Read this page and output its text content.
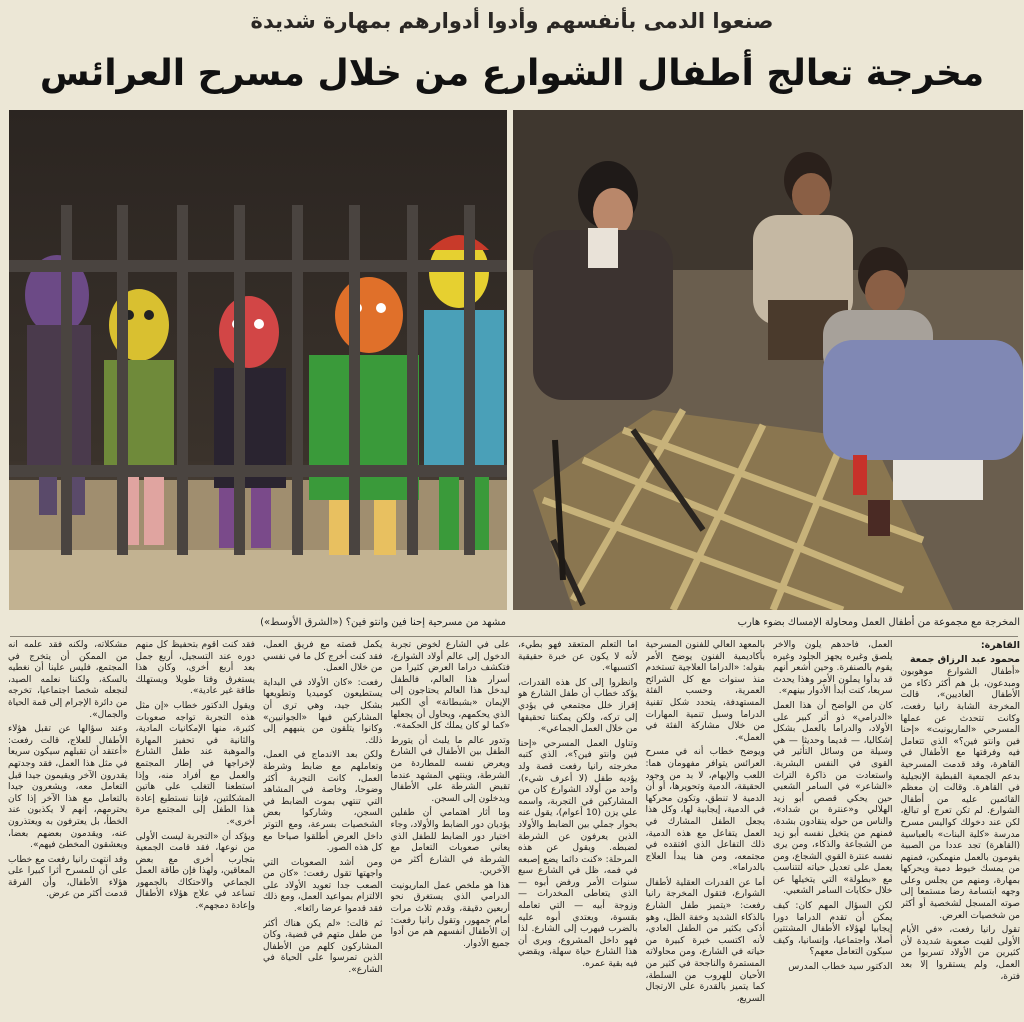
صنعوا الدمى بأنفسهم وأدوا أدوارهم بمهارة شديدة
مخرجة تعالج أطفال الشوارع من خلال مسرح العرائس
مشهد من مسرحية إحنا فين وانتو فين؟ («الشرق الأوسط»)	المخرجة مع مجموعة من أطفال العمل ومحاولة الإمساك بضوء هارب
القاهرة:
محمود عبد الرزاق جمعة

«أطفال الشوارع موهوبون ومبدعون، بل هم أكثر ذكاء من الأطفال العاديين»، قالت المخرجة الشابة رانيا رفعت، وكانت تتحدث عن عملها المسرحي «الماريونيت» «إحنا فين وانتو فين؟» الذي تتعامل فيه وفرقتها مع الأطفال في القاهرة، وقد قدمت المسرحية بدعم الجمعية القبطية الإنجيلية في القاهرة. وقالت إن معظم القائمين عليه من أطفال الشوارع. لم تكن تعرج أو تبالغ، لكن عند دخولك كواليس مسرح مدرسة «كلية البنات» بالعباسية (القاهرة) تجد عددا من الصبية يقومون بالعمل منهمكين، فمنهم من يمسك خيوط دمية ويحركها بمهارة، ومنهم من يجلس وعلى وجهه ابتسامة رضا مستمعا إلى صوته المسجل لشخصية أو أكثر من شخصيات العرض.

تقول رانيا رفعت، «في الأيام الأولى لقيت صعوبة شديدة لأن كثيرين من الأولاد تسربوا من العمل، ولم يستقروا إلا بعد فترة،

العمل، فأحدهم يلون والآخر يلصق وغيره يجهز الجلود وغيره يقوم بالصنفرة. وحين أشعر أنهم قد بدأوا يملون الأمر وهذا يحدث سريعا، كنت أبدأ الأدوار بينهم».

كان من الواضح أن هذا العمل «الدرامي» ذو أثر كبير على الأولاد، والدراما بالعمل بشكل إشكاليا، — قديما وحديثا — هي وسيلة من وسائل التأثير في القوى في النفس البشرية. واستعادت من ذاكرة التراث «الشاعر» في السامر الشعبي حين يحكي قصص أبو زيد الهلالي و«عنترة بن شداد»، والناس من حوله ينقادون بشدة، فمنهم من يتخيل نفسه أبو زيد من الشجاعة والذكاء، ومن يرى نفسه عنترة القوي الشجاع، ومن يعمل على تعديل حياته لتتناسب مع «بطولة» التي يتخيلها عن خلال حكايات السامر الشعبي.

لكن السؤال المهم كان: كيف يمكن أن تقدم الدراما دورا إيجابيا لهؤلاء الأطفال المشتتين أصلا، واجتماعيا، وإنسانيا، وكيف سيكون التعامل معهم؟

الدكتور سيد خطاب المدرس

بالمعهد العالي للفنون المسرحية بأكاديمية الفنون يوضح الأمر بقوله: «الدراما العلاجية تستخدم منذ سنوات مع كل الشرائح العمرية، وحسب الفئة المستهدفة، يتحدد شكل تقنية الدراما وسبل تنمية المهارات من خلال مشاركة الفئة في العمل».

ويوضح خطاب أنه في مسرح العرائس يتوافر مفهومان هما: اللعب والإيهام، لا بد من وجود الحقيقة، الدمية وتحويرها، أو أن الدمية لا تنطق، وتكون محركها في الدمية، إيجابية لها، وكل هذا يجعل الطفل المشارك في العمل يتفاعل مع هذه الدمية، ذلك التفاعل الذي افتقده في مجتمعه، ومن هنا يبدأ العلاج بالدراما».

أما عن القدرات العقلية لأطفال الشوارع، فتقول المخرجة رانيا رفعت: «يتميز طفل الشارع بالذكاء الشديد وخفة الظل، وهو أذكى بكثير من الطفل العادي، لأنه اكتسب خبرة كبيرة من حياته في الشارع، ومن محاولاته المستمرة والناجحة في كثير من الأحيان للهروب من السلطة، كما يتميز بالقدرة على الارتجال السريع،

أما التعلم المتعقد فهو بطيء، لأنه لا يكون عن خبرة حقيقية اكتسبها».

وانظروا إلى كل هذه القدرات، يؤكد خطاب أن طفل الشارع هو إفراز خلل مجتمعي في يؤدي إلى تركه، ولكن يمكننا تحقيقها من خلال العمل الجماعي».

وتناول العمل المسرحي «إحنا فين وانتو فين؟»، الذي كتبه مخرجته رانيا رفعت قصة ولد يؤديه طفل (لا أعرف شيء)، واحد من أولاد الشوارع كان من المشاركين في التجربة، واسمه علي يزن (10 أعوام)، يقول عنه بحوار جملي بين الضابط والأولاد الذين يعرفون عن الشرطة لضبطه. ويقول عن هذه المرحلة: «كنت دائما يضع إصبعه في فمه، ظل في الشارع سبع سنوات الأمر ورفض أبوه — الذي يتعاطى المخدرات — وزوجة أبيه — التي تعامله بقسوة، ويعتدي أبوه عليه بالضرب فيهرب إلى الشارع. لذا فهو داخل المشروع، ويرى أن هذا الشارع حياة سهلة، ويقضي فيه بقية عمره.

على في الشارع لخوض تجربة الدخول إلى عالم أولاد الشوارع، فتكشف دراما العرض كثيرا من أسرار هذا العالم، فالطفل ليدخل هذا العالم يحتاجون إلى الإيمان «بشبطانة» أي الكبير الذي يحكمهم، ويحاول أن يجعلها «كما لو كان يملك كل الحكمة».

وتدور عالم ما يلبث أن يتورط الطفل بين الأطفال في الشارع ويعرض نفسه للمطاردة من الشرطة، وينتهي المشهد عندما تقبض الشرطة على الأطفال ويدخلون إلى السجن.

وما أثار اهتمامي أن طفلين يؤديان دور الضابط والأولاد، وجاء اختيار دور الضابط للطفل الذي يعاني صعوبات التعامل مع الشرطة في الشارع أكثر من الآخرين.

هذا هو ملخص عمل الماريونيت الدرامي الذي يستغرق نحو أربعين دقيقة، وقدم ثلاث مرات أمام جمهور، وتقول رانيا رفعت: إن الأطفال أنفسهم هم من أدوا جميع الأدوار.

يكمل قصته مع فريق العمل، فقد كنت أخرج كل ما في نفسي من خلال العمل.

رفعت: «كان الأولاد في البداية يستطيعون كوميديا وتطويعها بشكل جيد، وهي ترى أن المشاركين فيها «الجوانيين» وكانوا يتلقون من ينبههم إلى ذلك.

ولكن بعد الاندماج في العمل، وتعاملهم مع ضابط وشرطة العمل، كانت التجربة أكثر وضوحا، وخاصة في المشاهد التي تنتهي بموت الضابط في السجن، وشاركوا بعض الشخصيات بسرعة، ومع التوتر داخل العرض أطلقوا صياحا مع كل هذه الصور.

ومن أشد الصعوبات التي واجهتها تقول رفعت: «كان من الصعب جدا تعويد الأولاد على الالتزام بمواعيد العمل، ومع ذلك فقد قدموا عرضا رائعا».

ثم قالت: «لم يكن هناك أكثر من طفل متهم في قضية، وكان المشاركون كلهم من الأطفال الذين تمرسوا على الحياة في الشارع».

فقد كنت أقوم بتحفيظ كل منهم دوره عند التسجيل، أربع جمل بعد أربع أخرى، وكان هذا يستغرق وقتا طويلا ويستهلك طاقة غير عادية».

ويقول الدكتور خطاب «إن مثل هذه التجربة تواجه صعوبات كثيرة، منها الإمكانيات المادية، والثانية في تحفيز المهارة والموهبة عند طفل الشارع لإخراجها في إطار المجتمع والعمل مع أفراد منه، وإذا استطعنا التغلب على هاتين المشكلتين، فإننا نستطيع إعادة هذا الطفل إلى المجتمع مرة أخرى».

ويؤكد أن «التجربة ليست الأولى من نوعها، فقد قامت الجمعية بتجارب أخرى مع بعض المعاقين، ولهذا فإن طاقة العمل الجماعي والاحتكاك بالجمهور تساعد في علاج هؤلاء الأطفال وإعادة دمجهم».

مشكلاته، ولكنه فقد علمه أنه من الممكن أن يتخرج في المجتمع، فليس علينا أن نغطيه بالسكة، ولكننا نعلمه الصيد، لنجعله شخصا اجتماعيا، تخرجه من دائرة الإجرام إلى قمة الحياة والجمال».

وعند سؤالها عن تقبل هؤلاء الأطفال للعلاج، قالت رفعت: «أعتقد أن تقبلهم سيكون سريعا في مثل هذا العمل، فقد وجدتهم يقدرون الآخر ويقيمون جيدا قبل التعامل معه، ويشعرون جيدا بالتعامل مع هذا الآخر إذا كان يحترمهم، إنهم لا يكذبون عند الخطأ، بل يعترفون به ويعتذرون عنه، ويقدمون بعضهم بعضا، ويعشقون المخطئ فيهم».

وقد انتهت رانيا رفعت مع خطاب على أن للمسرح أثرا كبيرا على هؤلاء الأطفال، وأن الفرقة قدمت أكثر من عرض.
